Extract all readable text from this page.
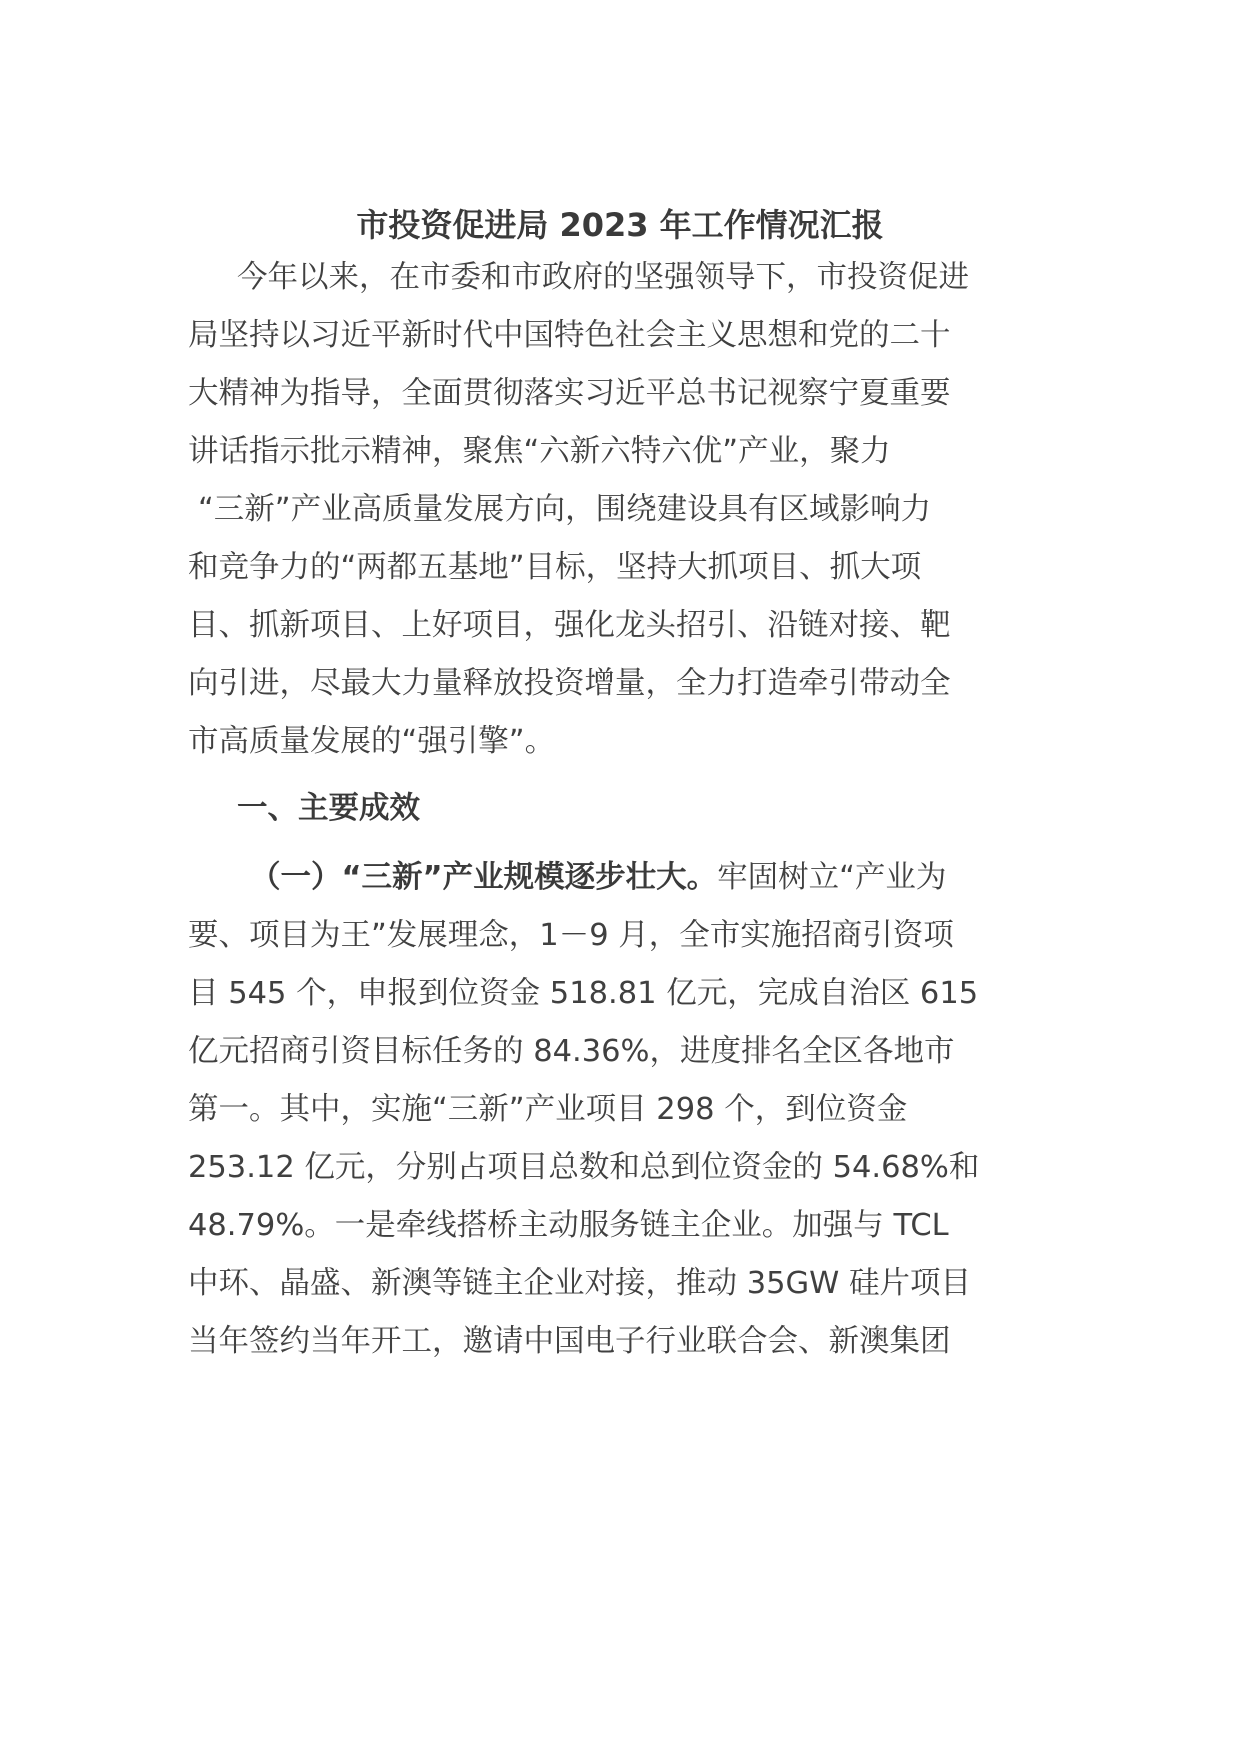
市投资促进局 2023 年工作情况汇报
今年以来，在市委和市政府的坚强领导下，市投资促进
局坚持以习近平新时代中国特色社会主义思想和党的二十
大精神为指导，全面贯彻落实习近平总书记视察宁夏重要
讲话指示批示精神，聚焦“六新六特六优”产业，聚力
“三新”产业高质量发展方向，围绕建设具有区域影响力
和竞争力的“两都五基地”目标，坚持大抓项目、抓大项
目、抓新项目、上好项目，强化龙头招引、沿链对接、靶
向引进，尽最大力量释放投资增量，全力打造牵引带动全
市高质量发展的“强引擎”。
一、主要成效
（一）“三新”产业规模逐步壮大。牢固树立“产业为
要、项目为王”发展理念，1－9 月，全市实施招商引资项
目 545 个，申报到位资金 518.81 亿元，完成自治区 615
亿元招商引资目标任务的 84.36%，进度排名全区各地市
第一。其中，实施“三新”产业项目 298 个，到位资金
253.12 亿元，分别占项目总数和总到位资金的 54.68%和
48.79%。一是牵线搭桥主动服务链主企业。加强与 TCL
中环、晶盛、新澳等链主企业对接，推动 35GW 硅片项目
当年签约当年开工，邀请中国电子行业联合会、新澳集团
